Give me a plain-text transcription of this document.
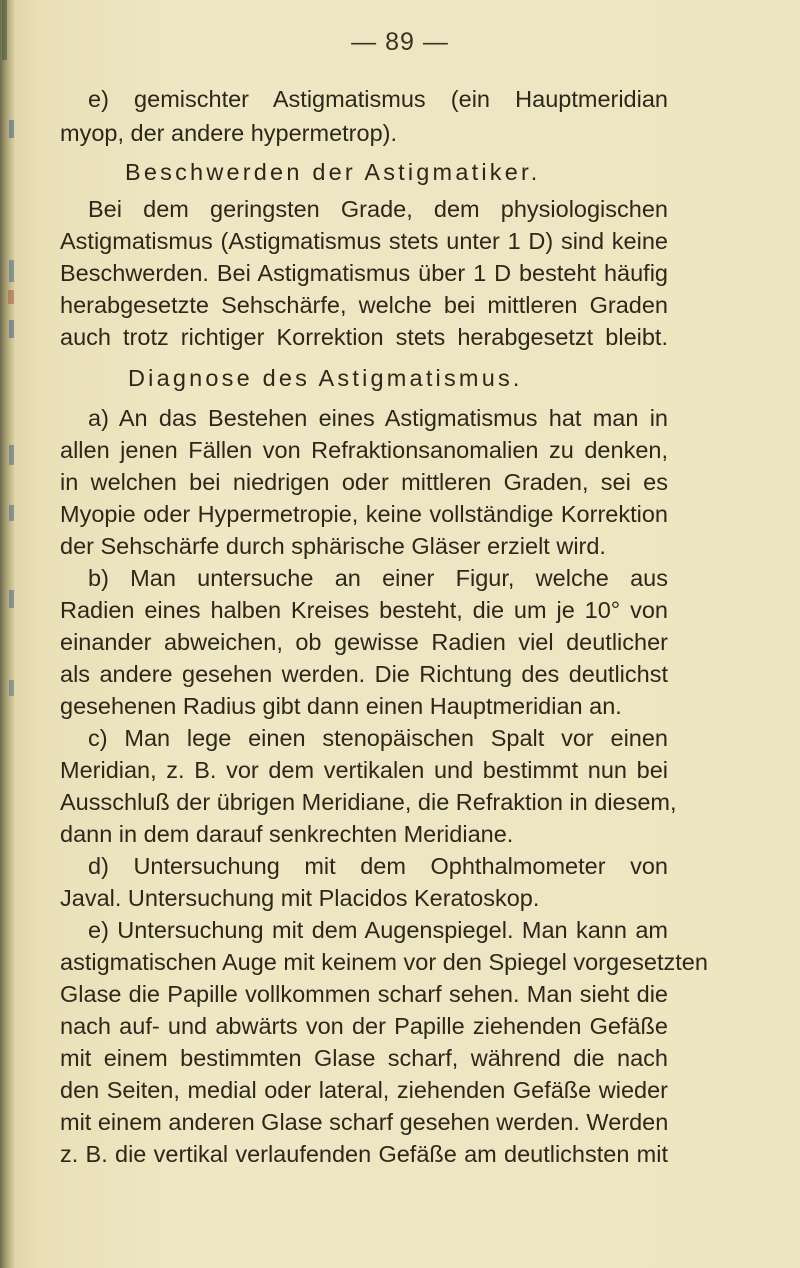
— 89 —
e) gemischter Astigmatismus (ein Hauptmeridian
myop, der andere hypermetrop).
Beschwerden der Astigmatiker.
Bei dem geringsten Grade, dem physiologischen
Astigmatismus (Astigmatismus stets unter 1 D) sind keine
Beschwerden. Bei Astigmatismus über 1 D besteht häufig
herabgesetzte Sehschärfe, welche bei mittleren Graden
auch trotz richtiger Korrektion stets herabgesetzt bleibt.
Diagnose des Astigmatismus.
a) An das Bestehen eines Astigmatismus hat man in
allen jenen Fällen von Refraktionsanomalien zu denken,
in welchen bei niedrigen oder mittleren Graden, sei es
Myopie oder Hypermetropie, keine vollständige Korrektion
der Sehschärfe durch sphärische Gläser erzielt wird.
b) Man untersuche an einer Figur, welche aus
Radien eines halben Kreises besteht, die um je 10° von
einander abweichen, ob gewisse Radien viel deutlicher
als andere gesehen werden. Die Richtung des deutlichst
gesehenen Radius gibt dann einen Hauptmeridian an.
c) Man lege einen stenopäischen Spalt vor einen
Meridian, z. B. vor dem vertikalen und bestimmt nun bei
Ausschluß der übrigen Meridiane, die Refraktion in diesem,
dann in dem darauf senkrechten Meridiane.
d) Untersuchung mit dem Ophthalmometer von
Javal. Untersuchung mit Placidos Keratoskop.
e) Untersuchung mit dem Augenspiegel. Man kann am
astigmatischen Auge mit keinem vor den Spiegel vorgesetzten
Glase die Papille vollkommen scharf sehen. Man sieht die
nach auf- und abwärts von der Papille ziehenden Gefäße
mit einem bestimmten Glase scharf, während die nach
den Seiten, medial oder lateral, ziehenden Gefäße wieder
mit einem anderen Glase scharf gesehen werden. Werden
z. B. die vertikal verlaufenden Gefäße am deutlichsten mit
